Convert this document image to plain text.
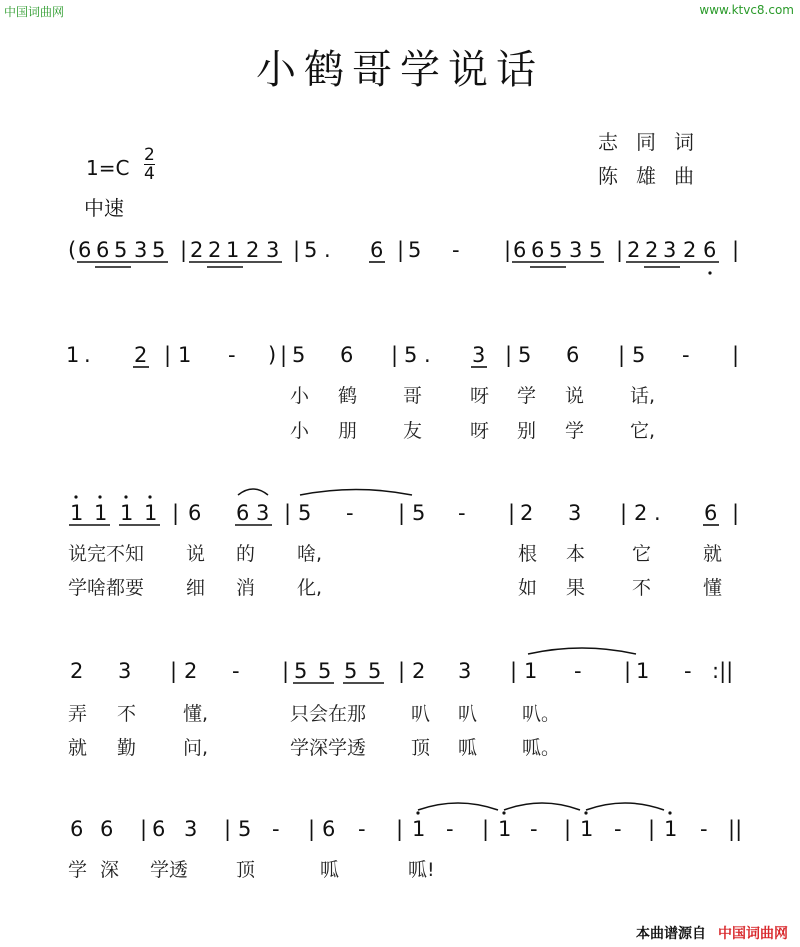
中国词曲网	www.ktvc8.com
小鹤哥学说话
志同词
陈雄曲
1=C
2
4
中速
( 6 6 5 3 5 | 2 2 1 2 3 | 5 . 6 | 5 - | 6 6 5 3 5 | 2 2 3 2 6 |
1 . 2 | 1 - ) | 5 6 | 5 . 3 | 5 6 | 5 - |
小 鹤 哥	呀 学 说 话,
小 朋 友	呀 别 学 它,
1 1 1 1 | 6 6 3 | 5 - | 5 - | 2 3 | 2 . 6 |
说完不知 说 的 啥,	根 本 它	就
学啥都要 细 消 化,	如 果 不	懂
2 3 | 2 - | 5 5 5 5 | 2 3 | 1 - | 1 - :||
弄 不 懂,	只会在那 叭 叭 叭。
就 勤 问,	学深学透 顶 呱 呱。
6 6 | 6 3 | 5 - | 6 - | 1 - | 1 - | 1 - | 1 - ||
学 深 学透	顶	呱	呱!
本曲谱源自 中国词曲网
